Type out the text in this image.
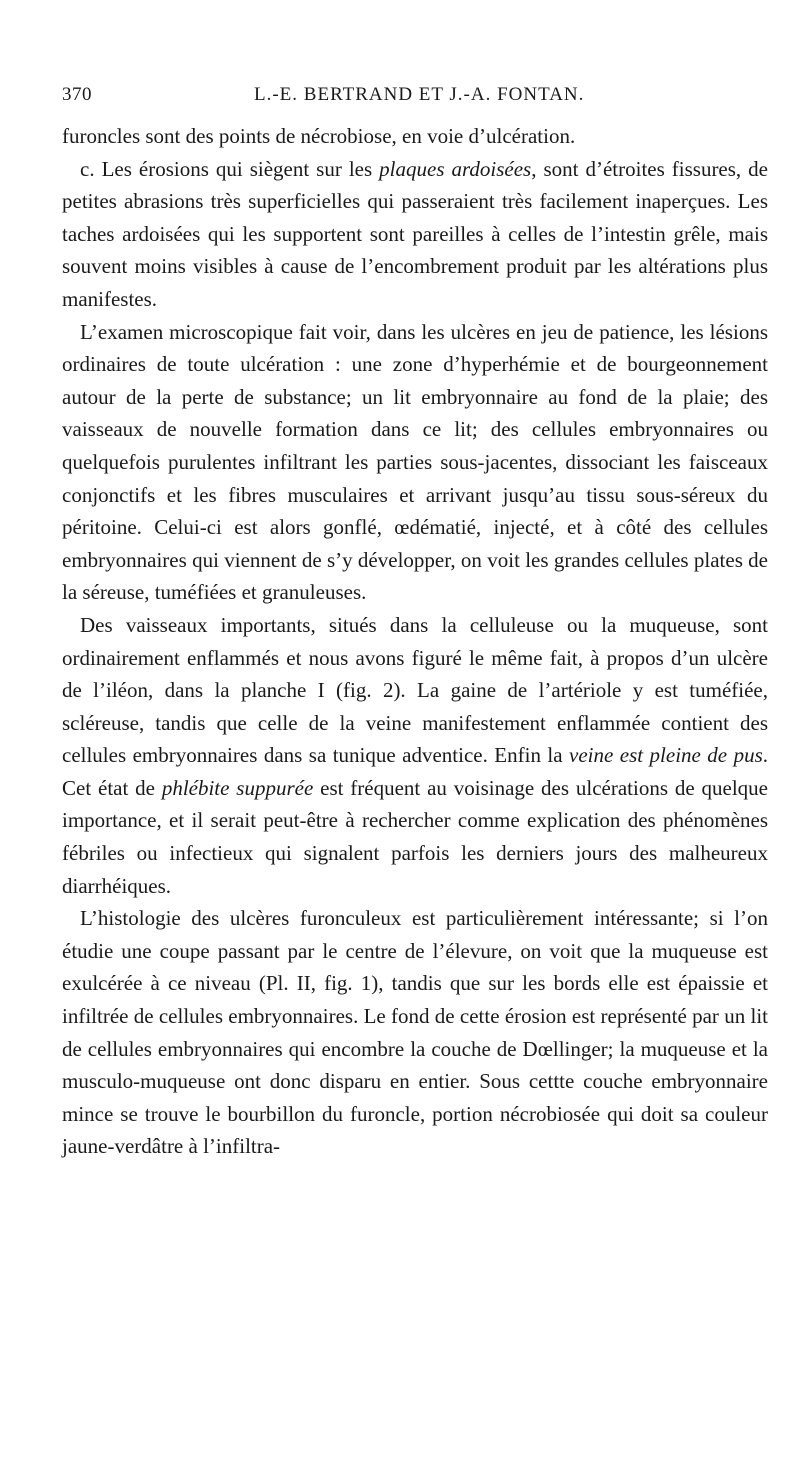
370	L.-E. BERTRAND ET J.-A. FONTAN.

furoncles sont des points de nécrobiose, en voie d’ulcération.

c. Les érosions qui siègent sur les plaques ardoisées, sont d’étroites fissures, de petites abrasions très superficielles qui passeraient très facilement inaperçues. Les taches ardoisées qui les supportent sont pareilles à celles de l’intestin grêle, mais souvent moins visibles à cause de l’encombrement produit par les altérations plus manifestes.

L’examen microscopique fait voir, dans les ulcères en jeu de patience, les lésions ordinaires de toute ulcération : une zone d’hyperhémie et de bourgeonnement autour de la perte de substance; un lit embryonnaire au fond de la plaie; des vaisseaux de nouvelle formation dans ce lit; des cellules embryonnaires ou quelquefois purulentes infiltrant les parties sous-jacentes, dissociant les faisceaux conjonctifs et les fibres musculaires et arrivant jusqu’au tissu sous-séreux du péritoine. Celui-ci est alors gonflé, œdématié, injecté, et à côté des cellules embryonnaires qui viennent de s’y développer, on voit les grandes cellules plates de la séreuse, tuméfiées et granuleuses.

Des vaisseaux importants, situés dans la celluleuse ou la muqueuse, sont ordinairement enflammés et nous avons figuré le même fait, à propos d’un ulcère de l’iléon, dans la planche I (fig. 2). La gaine de l’artériole y est tuméfiée, scléreuse, tandis que celle de la veine manifestement enflammée contient des cellules embryonnaires dans sa tunique adventice. Enfin la veine est pleine de pus. Cet état de phlébite suppurée est fréquent au voisinage des ulcérations de quelque importance, et il serait peut-être à rechercher comme explication des phénomènes fébriles ou infectieux qui signalent parfois les derniers jours des malheureux diarrhéiques.

L’histologie des ulcères furonculeux est particulièrement intéressante; si l’on étudie une coupe passant par le centre de l’élevure, on voit que la muqueuse est exulcérée à ce niveau (Pl. II, fig. 1), tandis que sur les bords elle est épaissie et infiltrée de cellules embryonnaires. Le fond de cette érosion est représenté par un lit de cellules embryonnaires qui encombre la couche de Dœllinger; la muqueuse et la musculo-muqueuse ont donc disparu en entier. Sous cettte couche embryonnaire mince se trouve le bourbillon du furoncle, portion nécrobiosée qui doit sa couleur jaune-verdâtre à l’infiltra-
